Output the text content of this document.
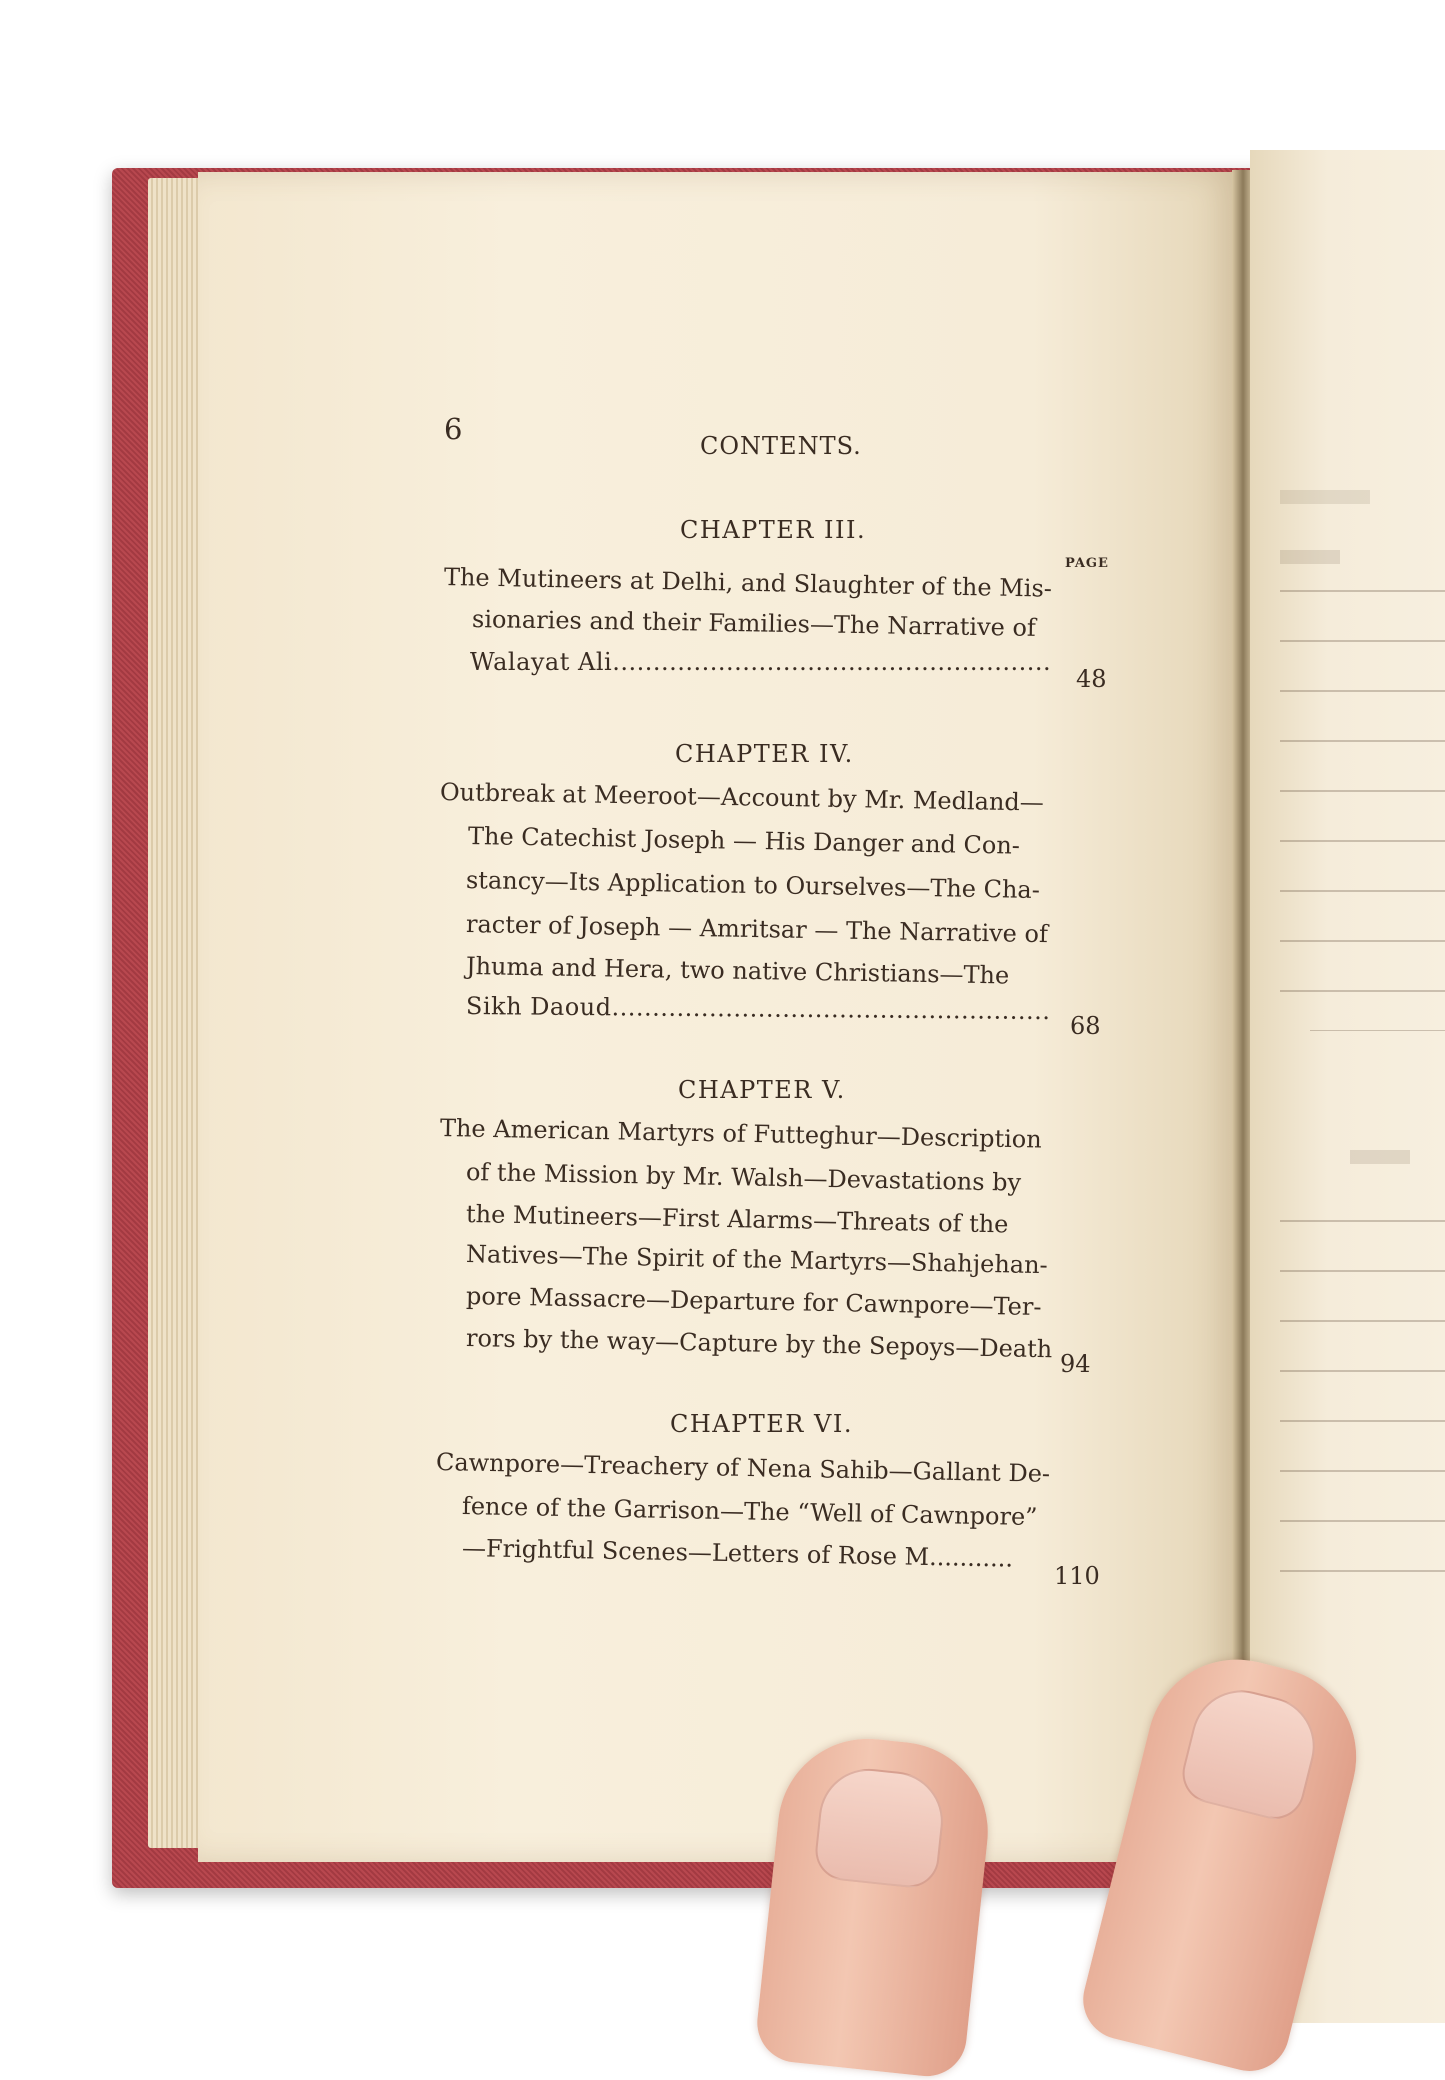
6	CONTENTS.
PAGE
CHAPTER III.
The Mutineers at Delhi, and Slaughter of the Mis-
sionaries and their Families—The Narrative of
Walayat Ali......................................................
48
CHAPTER IV.
Outbreak at Meeroot—Account by Mr. Medland—
The Catechist Joseph — His Danger and Con-
stancy—Its Application to Ourselves—The Cha-
racter of Joseph — Amritsar — The Narrative of
Jhuma and Hera, two native Christians—The
Sikh Daoud......................................................
68
CHAPTER V.
The American Martyrs of Futteghur—Description
of the Mission by Mr. Walsh—Devastations by
the Mutineers—First Alarms—Threats of the
Natives—The Spirit of the Martyrs—Shahjehan-
pore Massacre—Departure for Cawnpore—Ter-
rors by the way—Capture by the Sepoys—Death
94
CHAPTER VI.
Cawnpore—Treachery of Nena Sahib—Gallant De-
fence of the Garrison—The “Well of Cawnpore”
—Frightful Scenes—Letters of Rose M...........
110
